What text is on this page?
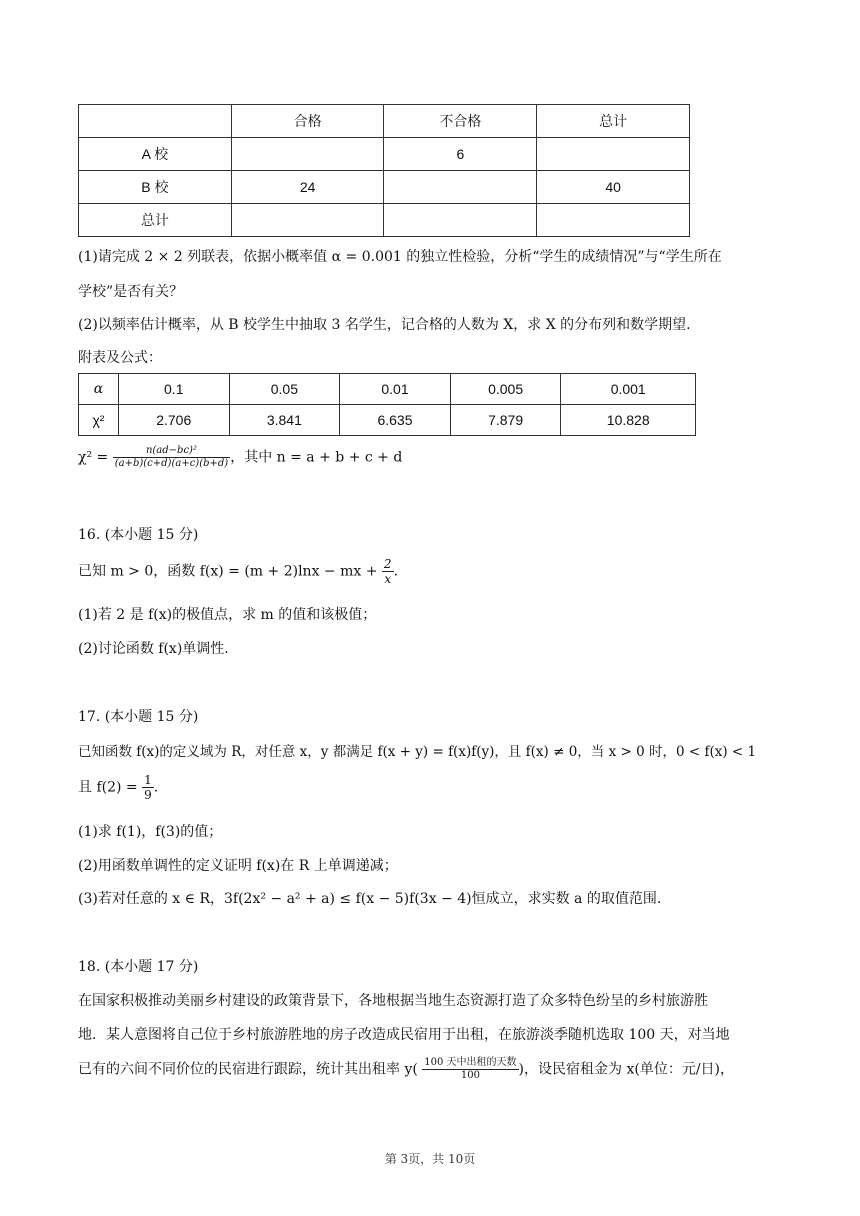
	合格	不合格	总计
A 校		6	
B 校	24		40
总计			
(1)请完成 2 × 2 列联表，依据小概率值 α = 0.001 的独立性检验，分析“学生的成绩情况”与“学生所在
学校”是否有关？
(2)以频率估计概率，从 B 校学生中抽取 3 名学生，记合格的人数为 X，求 X 的分布列和数学期望.
附表及公式：
α	0.1	0.05	0.01	0.005	0.001
χ²	2.706	3.841	6.635	7.879	10.828
$\chi^2 = \frac{\text{n(ad−bc)²}}{(a+b)(c+d)(a+c)(b+d)}$ ，其中 n = a + b + c + d
16. (本小题 15 分)
已知 m > 0，函数 f(x) = (m + 2)lnx − mx + $\frac{2}{x}$ .
(1)若 2 是 f(x)的极值点，求 m 的值和该极值；
(2)讨论函数 f(x)单调性.
17. (本小题 15 分)
已知函数 f(x)的定义域为 R，对任意 x，y 都满足 f(x + y) = f(x)f(y)，且 f(x) ≠ 0，当 x > 0 时，0 < f(x) < 1
且 $f(2) = \frac{1}{9}$ .
(1)求 f(1)，f(3)的值；
(2)用函数单调性的定义证明 f(x)在 R 上单调递减；
(3)若对任意的 x ∈ R，3f(2x² − a² + a) ≤ f(x − 5)f(3x − 4)恒成立，求实数 a 的取值范围.
18. (本小题 17 分)
在国家积极推动美丽乡村建设的政策背景下，各地根据当地生态资源打造了众多特色纷呈的乡村旅游胜
地．某人意图将自己位于乡村旅游胜地的房子改造成民宿用于出租，在旅游淡季随机选取 100 天，对当地
已有的六间不同价位的民宿进行跟踪，统计其出租率 $y( \frac{\text{100 天中出租的天数}}{100}$ )，设民宿租金为 x(单位：元/日)，
第 3页，共 10页
